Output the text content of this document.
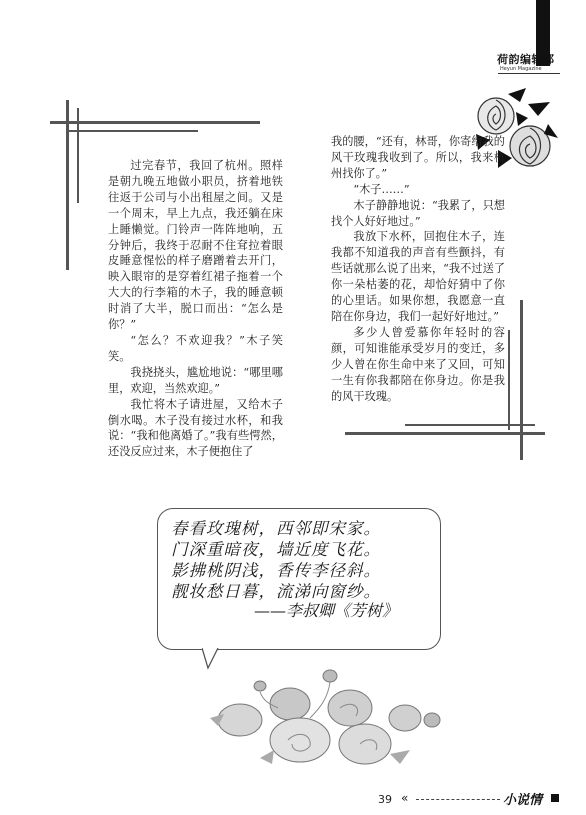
荷韵编辑部
Heyun Magazine

过完春节，我回了杭州。照样是朝九晚五地做小职员，挤着地铁往返于公司与小出租屋之间。又是一个周末，早上九点，我还躺在床上睡懒觉。门铃声一阵阵地响，五分钟后，我终于忍耐不住耷拉着眼皮睡意惺忪的样子磨蹭着去开门，映入眼帘的是穿着红裙子拖着一个大大的行李箱的木子，我的睡意顿时消了大半，脱口而出：“怎么是你？”

“怎么？不欢迎我？”木子笑笑。

我挠挠头，尴尬地说：“哪里哪里，欢迎，当然欢迎。”

我忙将木子请进屋，又给木子倒水喝。木子没有接过水杯，和我说：“我和他离婚了。”我有些愕然，还没反应过来，木子便抱住了

我的腰，“还有，林哥，你寄给我的风干玫瑰我收到了。所以，我来杭州找你了。”

“木子……”

木子静静地说：“我累了，只想找个人好好地过。”

我放下水杯，回抱住木子，连我都不知道我的声音有些颤抖，有些话就那么说了出来，“我不过送了你一朵枯萎的花，却恰好猜中了你的心里话。如果你想，我愿意一直陪在你身边，我们一起好好地过。”

多少人曾爱慕你年轻时的容颜，可知谁能承受岁月的变迁，多少人曾在你生命中来了又回，可知一生有你我都陪在你身边。你是我的风干玫瑰。

春看玫瑰树，西邻即宋家。
门深重暗夜，墙近度飞花。
影拂桃阴浅，香传李径斜。
靓妆愁日暮，流涕向窗纱。
——李叔卿《芳树》
39 «	小说情
